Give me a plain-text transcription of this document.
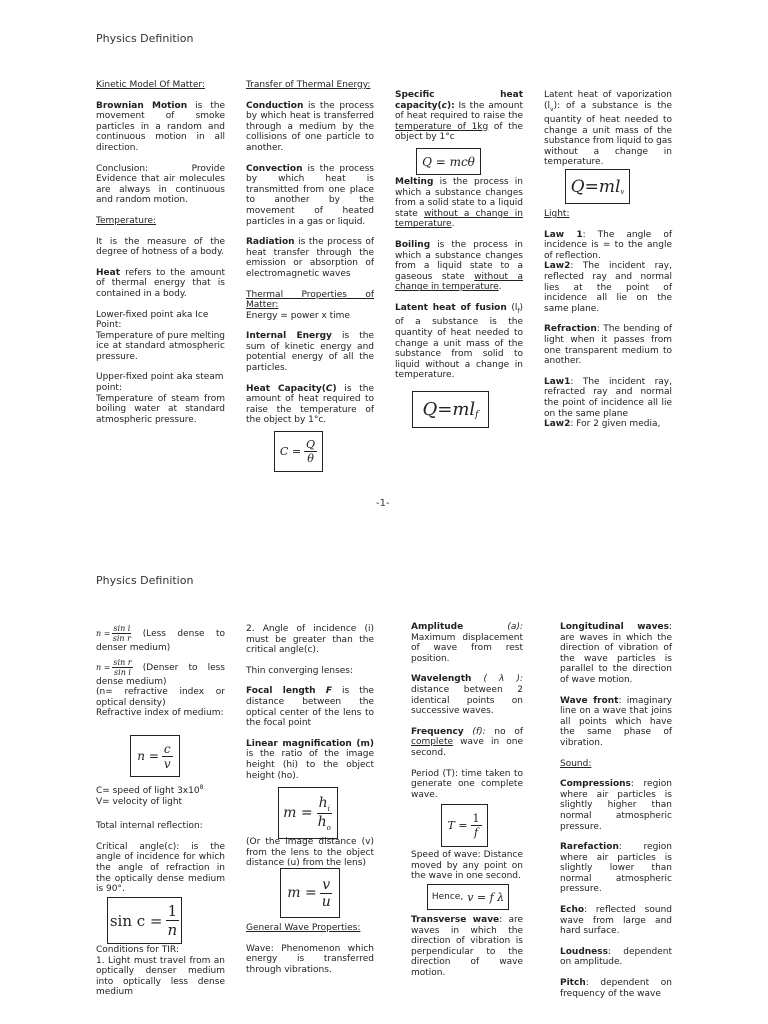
Physics Definition

Kinetic Model Of Matter:

Brownian Motion is the movement of smoke particles in a random and continuous motion in all direction.

Conclusion: Provide Evidence that air molecules are always in continuous and random motion.

Temperature:

It is the measure of the degree of hotness of a body.

Heat refers to the amount of thermal energy that is contained in a body.

Lower-fixed point aka Ice Point:
Temperature of pure melting ice at standard atmospheric pressure.

Upper-fixed point aka steam point:
Temperature of steam from boiling water at standard atmospheric pressure.

Transfer of Thermal Energy:

Conduction is the process by which heat is transferred through a medium by the collisions of one particle to another.

Convection is the process by which heat is transmitted from one place to another by the movement of heated particles in a gas or liquid.

Radiation is the process of heat transfer through the emission or absorption of electromagnetic waves

Thermal Properties of Matter:
Energy = power x time

Internal Energy is the sum of kinetic energy and potential energy of all the particles.

Heat Capacity(C) is the amount of heat required to raise the temperature of the object by 1°c.

$C = \frac{Q}{\theta}$

Specific heat capacity(c): Is the amount of heat required to raise the temperature of 1kg of the object by 1°c

Q = mcθ

Melting is the process in which a substance changes from a solid state to a liquid state without a change in temperature.

Boiling is the process in which a substance changes from a liquid state to a gaseous state without a change in temperature.

Latent heat of fusion $(l_f)$ of a substance is the quantity of heat needed to change a unit mass of the substance from solid to liquid without a change in temperature.

$Q=ml_f$

Latent heat of vaporization $(l_v)$: of a substance is the quantity of heat needed to change a unit mass of the substance from liquid to gas without a change in temperature.

$Q=ml_v$

Light:

Law 1: The angle of incidence is = to the angle of reflection.

Law2: The incident ray, reflected ray and normal lies at the point of incidence all lie on the same plane.

Refraction: The bending of light when it passes from one transparent medium to another.

Law1: The incident ray, refracted ray and normal the point of incidence all lie on the same plane

Law2: For 2 given media,

-1-
Physics Definition

$n = \frac{\text{sin i}}{\text{sin r}}$ (Less dense to denser medium)

$n = \frac{\text{sin r}}{\text{sin i}}$ (Denser to less dense medium)

(n= refractive index or optical density)

Refractive index of medium:

$n = \frac{c}{v}$

C= speed of light $3x10^8$

V= velocity of light

Total internal reflection:

Critical angle(c): is the angle of incidence for which the angle of refraction in the optically dense medium is 90°.

$\sin c = \frac{1}{n}$

Conditions for TIR:

1. Light must travel from an optically denser medium into optically less dense medium

2. Angle of incidence (i) must be greater than the critical angle(c).

Thin converging lenses:

Focal length F is the distance between the optical center of the lens to the focal point

Linear magnification (m) is the ratio of the image height (hi) to the object height (ho).

$m = \frac{h_i}{h_o}$

(Or the image distance (v) from the lens to the object distance (u) from the lens)

$m = \frac{v}{u}$

General Wave Properties:

Wave: Phenomenon which energy is transferred through vibrations.

Amplitude (a): Maximum displacement of wave from rest position.

Wavelength ( λ ): distance between 2 identical points on successive waves.

Frequency (f): no of complete wave in one second.

Period (T): time taken to generate one complete wave.

$T = \frac{1}{f}$

Speed of wave: Distance moved by any point on the wave in one second.

Hence, v = f λ

Transverse wave: are waves in which the direction of vibration is perpendicular to the direction of wave motion.

Longitudinal waves: are waves in which the direction of vibration of the wave particles is parallel to the direction of wave motion.

Wave front: imaginary line on a wave that joins all points which have the same phase of vibration.

Sound:

Compressions: region where air particles is slightly higher than normal atmospheric pressure.

Rarefaction: region where air particles is slightly lower than normal atmospheric pressure.

Echo: reflected sound wave from large and hard surface.

Loudness: dependent on amplitude.

Pitch: dependent on frequency of the wave
